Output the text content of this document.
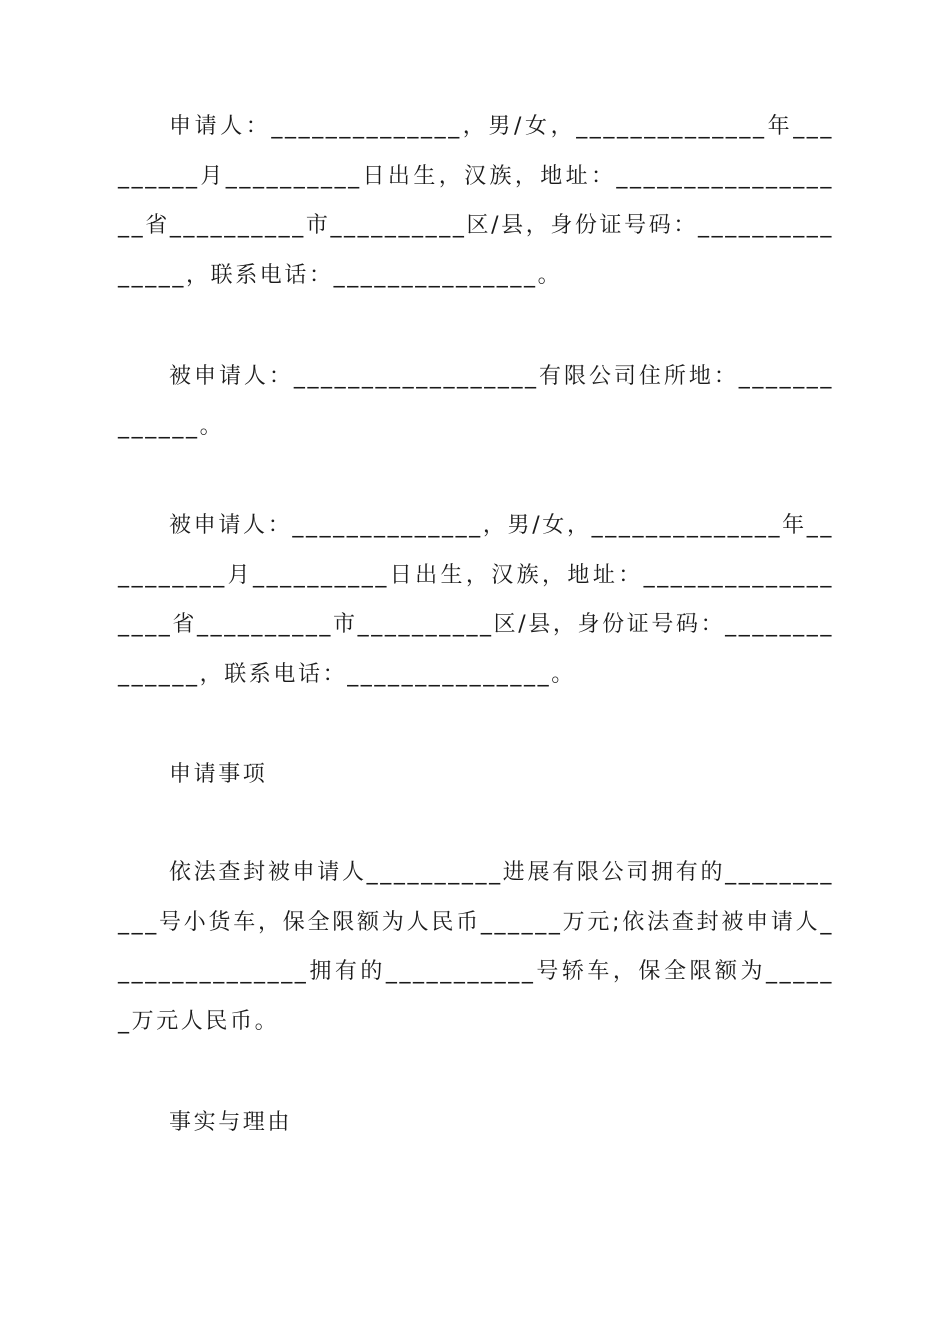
申请人：______________，男/女，______________年_________月__________日出生，汉族，地址：__________________省__________市__________区/县，身份证号码：_______________，联系电话：_______________。

被申请人：__________________有限公司住所地：_____________。

被申请人：______________，男/女，______________年__________月__________日出生，汉族，地址：__________________省__________市__________区/县，身份证号码：______________，联系电话：_______________。

申请事项

依法查封被申请人__________进展有限公司拥有的___________号小货车，保全限额为人民币______万元;依法查封被申请人_______________拥有的___________号轿车，保全限额为______万元人民币。

事实与理由
